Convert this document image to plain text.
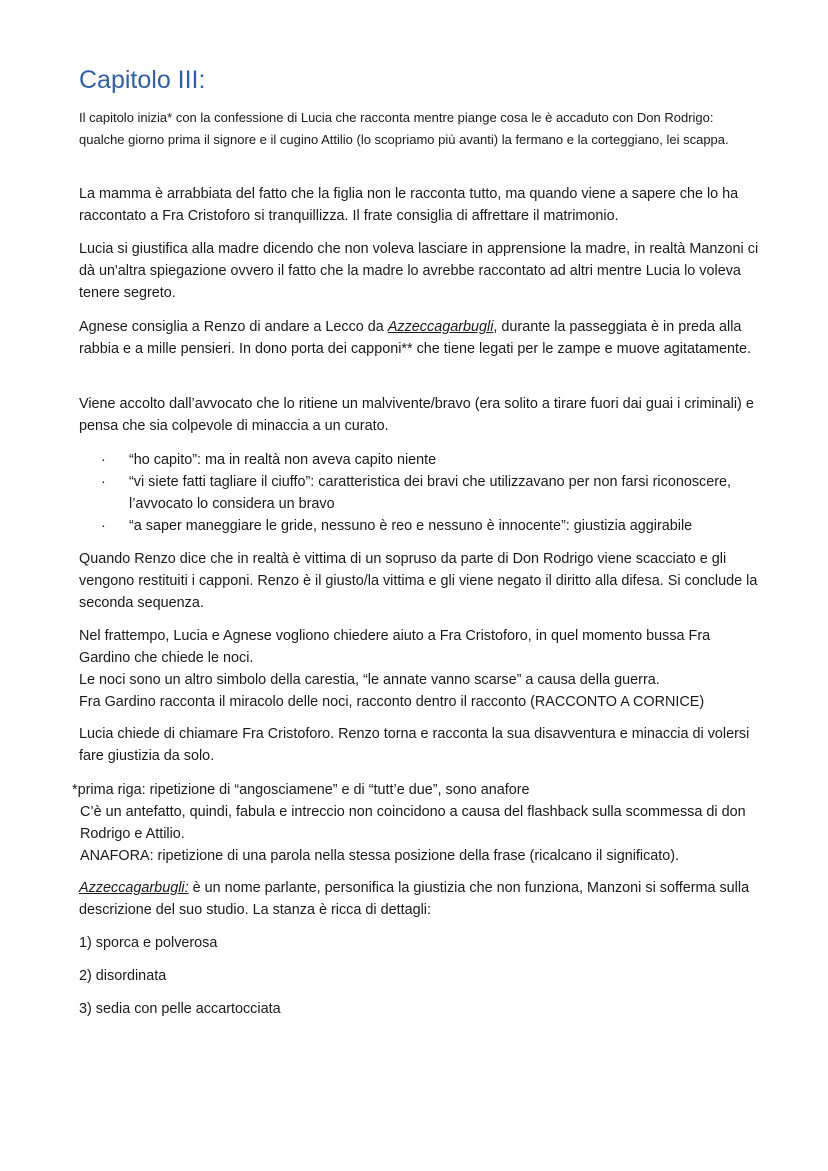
Capitolo III:
Il capitolo inizia* con la confessione di Lucia che racconta mentre piange cosa le è accaduto con Don Rodrigo: qualche giorno prima il signore e il cugino Attilio (lo scopriamo più avanti) la fermano e la corteggiano, lei scappa.
La mamma è arrabbiata del fatto che la figlia non le racconta tutto, ma quando viene a sapere che lo ha raccontato a Fra Cristoforo si tranquillizza. Il frate consiglia di affrettare il matrimonio.
Lucia si giustifica alla madre dicendo che non voleva lasciare in apprensione la madre, in realtà Manzoni ci dà un'altra spiegazione ovvero il fatto che la madre lo avrebbe raccontato ad altri mentre Lucia lo voleva tenere segreto.
Agnese consiglia a Renzo di andare a Lecco da Azzeccagarbugli, durante la passeggiata è in preda alla rabbia e a mille pensieri. In dono porta dei capponi** che tiene legati per le zampe e muove agitatamente.
Viene accolto dall’avvocato che lo ritiene un malvivente/bravo (era solito a tirare fuori dai guai i criminali) e pensa che sia colpevole di minaccia a un curato.
· “ho capito”: ma in realtà non aveva capito niente
· “vi siete fatti tagliare il ciuffo”: caratteristica dei bravi che utilizzavano per non farsi riconoscere, l’avvocato lo considera un bravo
· “a saper maneggiare le gride, nessuno è reo e nessuno è innocente”: giustizia aggirabile
Quando Renzo dice che in realtà è vittima di un sopruso da parte di Don Rodrigo viene scacciato e gli vengono restituiti i capponi. Renzo è il giusto/la vittima e gli viene negato il diritto alla difesa. Si conclude la seconda sequenza.
Nel frattempo, Lucia e Agnese vogliono chiedere aiuto a Fra Cristoforo, in quel momento bussa Fra Gardino che chiede le noci.
Le noci sono un altro simbolo della carestia, “le annate vanno scarse” a causa della guerra.
Fra Gardino racconta il miracolo delle noci, racconto dentro il racconto (RACCONTO A CORNICE)
Lucia chiede di chiamare Fra Cristoforo. Renzo torna e racconta la sua disavventura e minaccia di volersi fare giustizia da solo.
*prima riga: ripetizione di “angosciamene” e di “tutt’e due”, sono anafore
C’è un antefatto, quindi, fabula e intreccio non coincidono a causa del flashback sulla scommessa di don Rodrigo e Attilio.
ANAFORA: ripetizione di una parola nella stessa posizione della frase (ricalcano il significato).
Azzeccagarbugli: è un nome parlante, personifica la giustizia che non funziona, Manzoni si sofferma sulla descrizione del suo studio. La stanza è ricca di dettagli:
1) sporca e polverosa
2) disordinata
3) sedia con pelle accartocciata
